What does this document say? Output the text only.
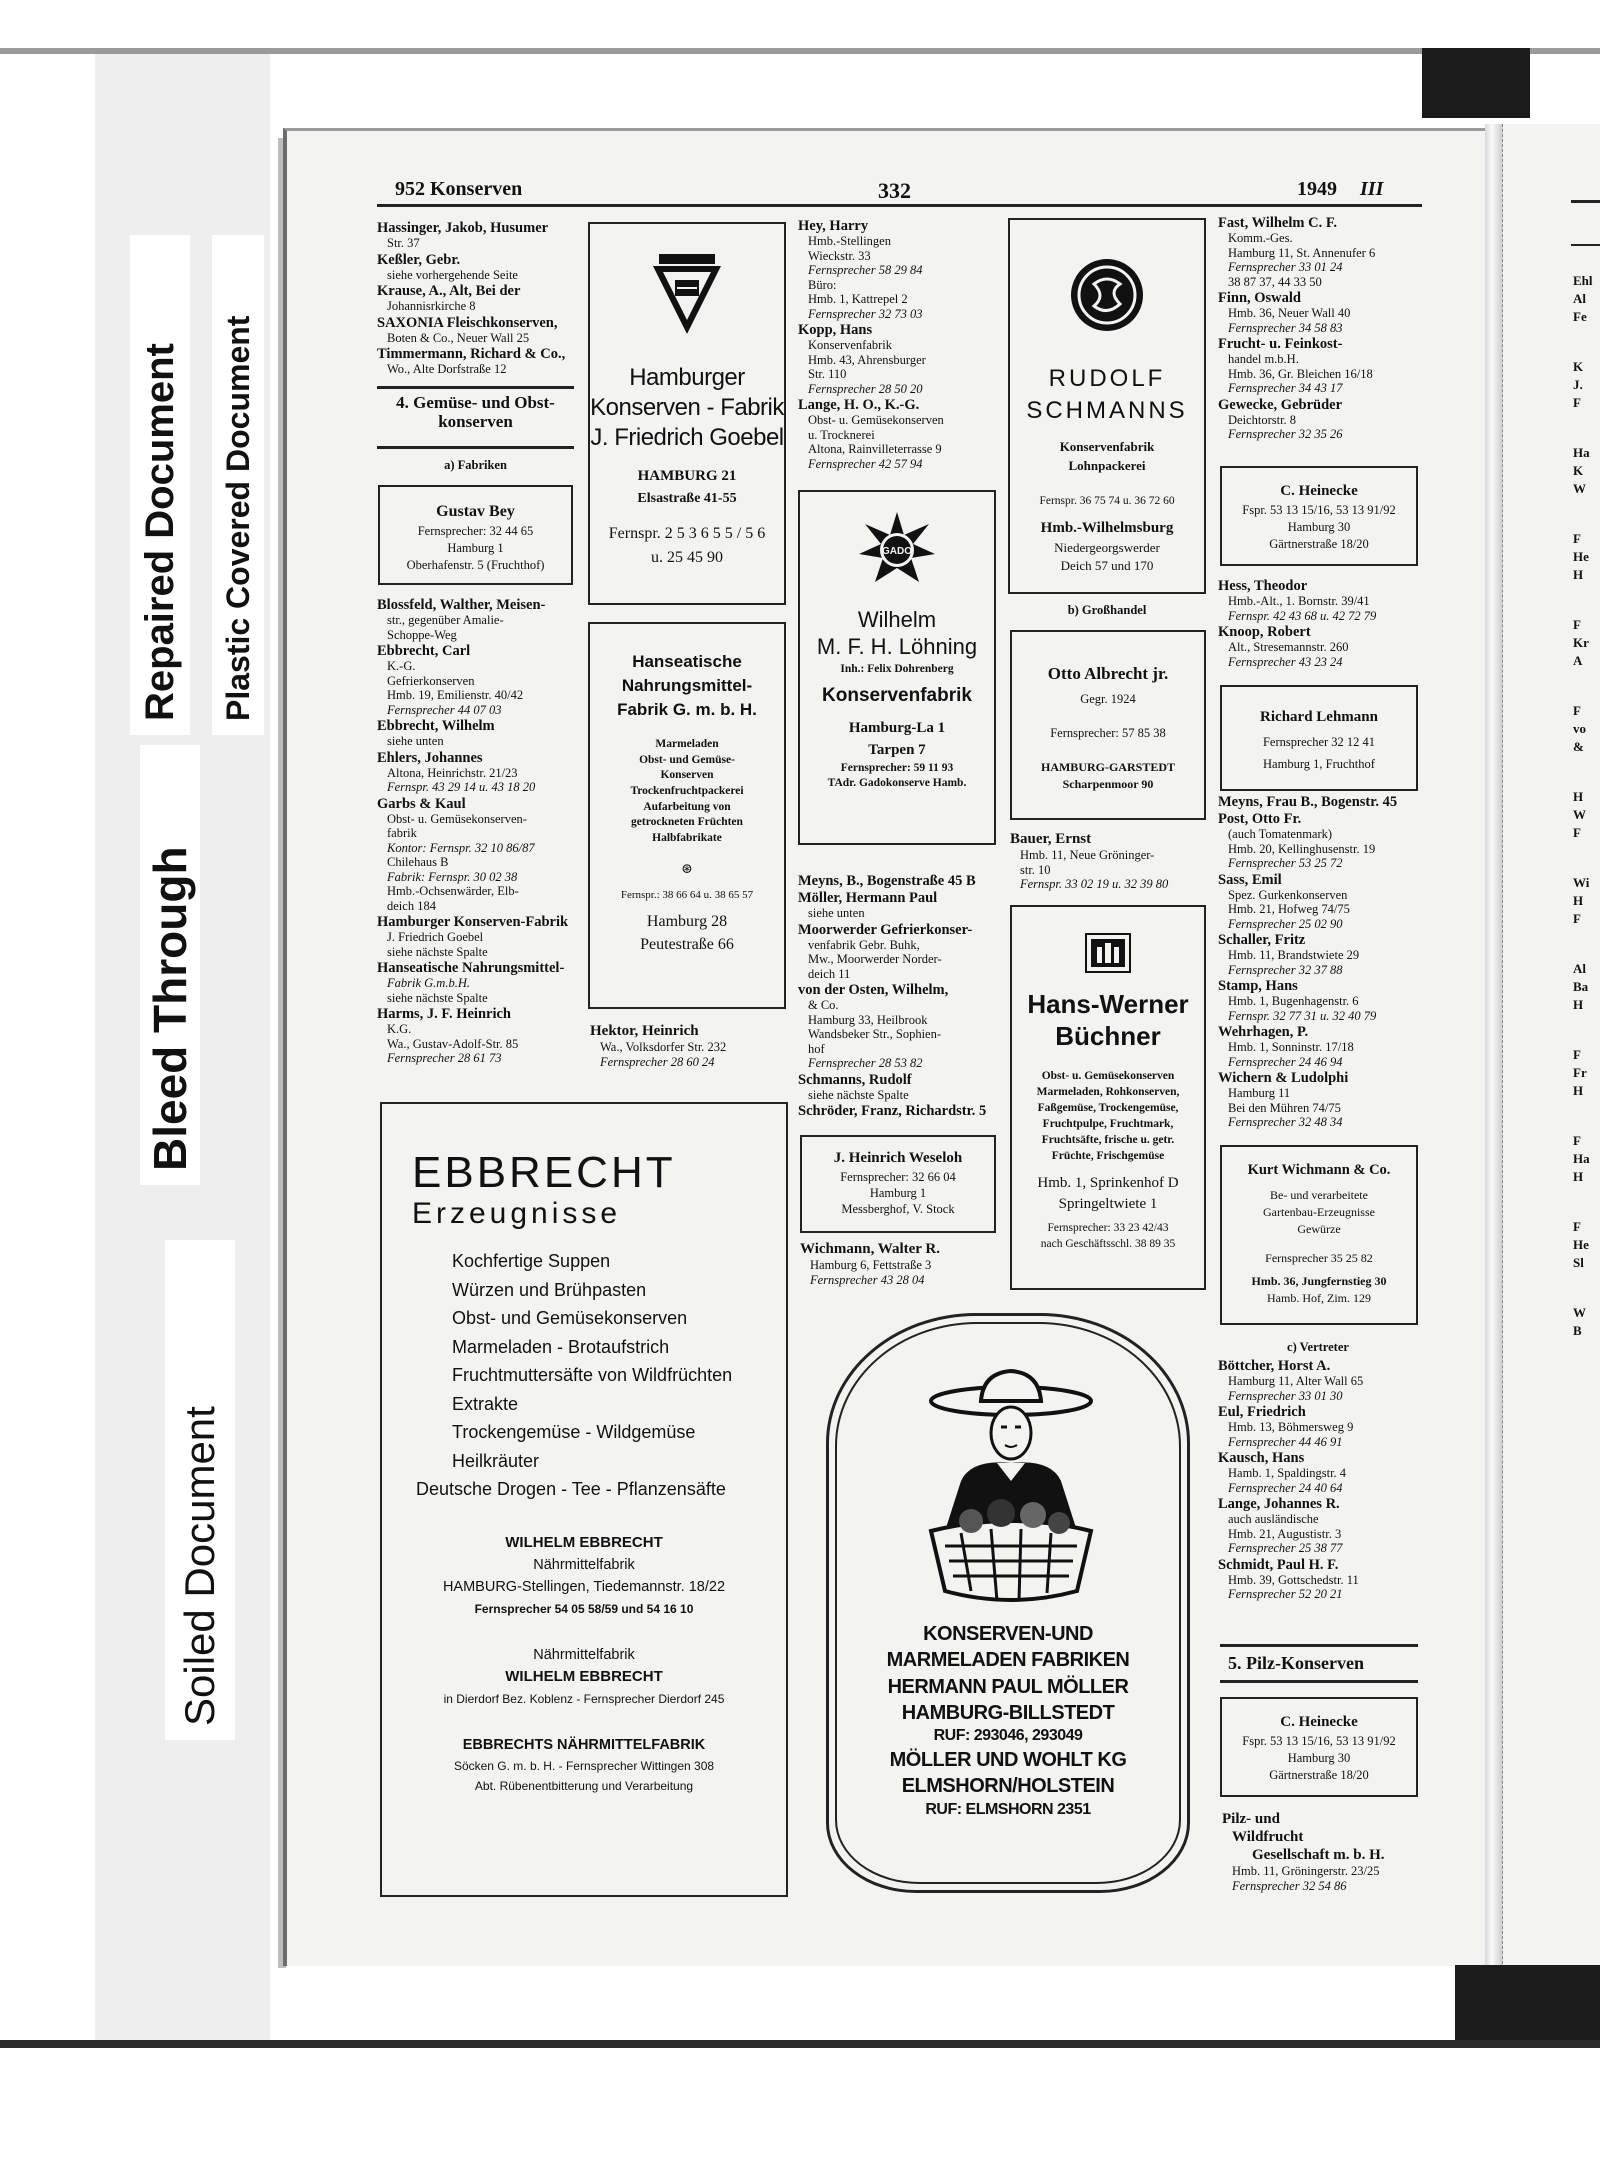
Bleed Through
Repaired Document Plastic Covered Document
Soiled Document

Ehl

Al

Fe

K

J.

F

Ha

K

W

F

He

H

F

Kr

A

F

vo

&

H

W

F

Wi

H

F

Al

Ba

H

F

Fr

H

F

Ha

H

F

He

Sl

W

B

952 Konserven	332	1949 III

Hassinger, Jakob, Husumer

Str. 37

Keßler, Gebr.

siehe vorhergehende Seite

Krause, A., Alt, Bei der

Johannisrkirche 8

SAXONIA Fleischkonserven,

Boten & Co., Neuer Wall 25

Timmermann, Richard & Co.,

Wo., Alte Dorfstraße 12

4. Gemüse- und Obst-konserven
a) Fabriken

Gustav Bey

Fernsprecher: 32 44 65

Hamburg 1

Oberhafenstr. 5 (Fruchthof)

Blossfeld, Walther, Meisen-

str., gegenüber Amalie-

Schoppe-Weg

Ebbrecht, Carl

K.-G.

Gefrierkonserven

Hmb. 19, Emilienstr. 40/42

Fernsprecher 44 07 03

Ebbrecht, Wilhelm

siehe unten

Ehlers, Johannes

Altona, Heinrichstr. 21/23

Fernspr. 43 29 14 u. 43 18 20

Garbs & Kaul

Obst- u. Gemüsekonserven-

fabrik

Kontor: Fernspr. 32 10 86/87

Chilehaus B

Fabrik: Fernspr. 30 02 38

Hmb.-Ochsenwärder, Elb-

deich 184

Hamburger Konserven-Fabrik

J. Friedrich Goebel

siehe nächste Spalte

Hanseatische Nahrungsmittel-

Fabrik G.m.b.H.

siehe nächste Spalte

Harms, J. F. Heinrich

K.G.

Wa., Gustav-Adolf-Str. 85

Fernsprecher 28 61 73

Hamburger

Konserven - Fabrik

J. Friedrich Goebel

HAMBURG 21

Elsastraße 41-55

Fernspr. 2 5 3 6 5 5 / 5 6

u. 25 45 90

Hanseatische

Nahrungsmittel-

Fabrik G. m. b. H.

Marmeladen

Obst- und Gemüse-

Konserven

Trockenfruchtpackerei

Aufarbeitung von

getrockneten Früchten

Halbfabrikate

⊛

Fernspr.: 38 66 64 u. 38 65 57

Hamburg 28

Peutestraße 66

Hektor, Heinrich

Wa., Volksdorfer Str. 232

Fernsprecher 28 60 24

Hey, Harry

Hmb.-Stellingen

Wieckstr. 33

Fernsprecher 58 29 84

Büro:

Hmb. 1, Kattrepel 2

Fernsprecher 32 73 03

Kopp, Hans

Konservenfabrik

Hmb. 43, Ahrensburger

Str. 110

Fernsprecher 28 50 20

Lange, H. O., K.-G.

Obst- u. Gemüsekonserven

u. Trocknerei

Altona, Rainvilleterrasse 9

Fernsprecher 42 57 94

GADO

Wilhelm

M. F. H. Löhning

Inh.: Felix Dohrenberg

Konservenfabrik

Hamburg-La 1

Tarpen 7

Fernsprecher: 59 11 93

TAdr. Gadokonserve Hamb.

Meyns, B., Bogenstraße 45 B

Möller, Hermann Paul

siehe unten

Moorwerder Gefrierkonser-

venfabrik Gebr. Buhk,

Mw., Moorwerder Norder-

deich 11

von der Osten, Wilhelm,

& Co.

Hamburg 33, Heilbrook

Wandsbeker Str., Sophien-

hof

Fernsprecher 28 53 82

Schmanns, Rudolf

siehe nächste Spalte

Schröder, Franz, Richardstr. 5

J. Heinrich Weseloh

Fernsprecher: 32 66 04

Hamburg 1

Messberghof, V. Stock

Wichmann, Walter R.

Hamburg 6, Fettstraße 3

Fernsprecher 43 28 04

RUDOLF

SCHMANNS

Konservenfabrik

Lohnpackerei

Fernspr. 36 75 74 u. 36 72 60

Hmb.-Wilhelmsburg

Niedergeorgswerder

Deich 57 und 170

b) Großhandel

Otto Albrecht jr.

Gegr. 1924

Fernsprecher: 57 85 38

HAMBURG-GARSTEDT

Scharpenmoor 90

Bauer, Ernst

Hmb. 11, Neue Gröninger-

str. 10

Fernspr. 33 02 19 u. 32 39 80

Hans-Werner

Büchner

Obst- u. Gemüsekonserven

Marmeladen, Rohkonserven,

Faßgemüse, Trockengemüse,

Fruchtpulpe, Fruchtmark,

Fruchtsäfte, frische u. getr.

Früchte, Frischgemüse

Hmb. 1, Sprinkenhof D

Springeltwiete 1

Fernsprecher: 33 23 42/43

nach Geschäftsschl. 38 89 35

Fast, Wilhelm C. F.

Komm.-Ges.

Hamburg 11, St. Annenufer 6

Fernsprecher 33 01 24

38 87 37, 44 33 50

Finn, Oswald

Hmb. 36, Neuer Wall 40

Fernsprecher 34 58 83

Frucht- u. Feinkost-

handel m.b.H.

Hmb. 36, Gr. Bleichen 16/18

Fernsprecher 34 43 17

Gewecke, Gebrüder

Deichtorstr. 8

Fernsprecher 32 35 26

C. Heinecke

Fspr. 53 13 15/16, 53 13 91/92

Hamburg 30

Gärtnerstraße 18/20

Hess, Theodor

Hmb.-Alt., 1. Bornstr. 39/41

Fernspr. 42 43 68 u. 42 72 79

Knoop, Robert

Alt., Stresemannstr. 260

Fernsprecher 43 23 24

Richard Lehmann

Fernsprecher 32 12 41

Hamburg 1, Fruchthof

Meyns, Frau B., Bogenstr. 45

Post, Otto Fr.

(auch Tomatenmark)

Hmb. 20, Kellinghusenstr. 19

Fernsprecher 53 25 72

Sass, Emil

Spez. Gurkenkonserven

Hmb. 21, Hofweg 74/75

Fernsprecher 25 02 90

Schaller, Fritz

Hmb. 11, Brandstwiete 29

Fernsprecher 32 37 88

Stamp, Hans

Hmb. 1, Bugenhagenstr. 6

Fernspr. 32 77 31 u. 32 40 79

Wehrhagen, P.

Hmb. 1, Sonninstr. 17/18

Fernsprecher 24 46 94

Wichern & Ludolphi

Hamburg 11

Bei den Mühren 74/75

Fernsprecher 32 48 34

Kurt Wichmann & Co.

Be- und verarbeitete

Gartenbau-Erzeugnisse

Gewürze

Fernsprecher 35 25 82

Hmb. 36, Jungfernstieg 30

Hamb. Hof, Zim. 129

c) Vertreter

Böttcher, Horst A.

Hamburg 11, Alter Wall 65

Fernsprecher 33 01 30

Eul, Friedrich

Hmb. 13, Böhmersweg 9

Fernsprecher 44 46 91

Kausch, Hans

Hamb. 1, Spaldingstr. 4

Fernsprecher 24 40 64

Lange, Johannes R.

auch ausländische

Hmb. 21, Augustistr. 3

Fernsprecher 25 38 77

Schmidt, Paul H. F.

Hmb. 39, Gottschedstr. 11

Fernsprecher 52 20 21

5. Pilz-Konserven

C. Heinecke

Fspr. 53 13 15/16, 53 13 91/92

Hamburg 30

Gärtnerstraße 18/20

Pilz- und

Wildfrucht

Gesellschaft m. b. H.

Hmb. 11, Gröningerstr. 23/25

Fernsprecher 32 54 86

EBBRECHT

Erzeugnisse

Kochfertige Suppen

Würzen und Brühpasten

Obst- und Gemüsekonserven

Marmeladen - Brotaufstrich

Fruchtmuttersäfte von Wildfrüchten

Extrakte

Trockengemüse - Wildgemüse

Heilkräuter

Deutsche Drogen - Tee - Pflanzensäfte

WILHELM EBBRECHT

Nährmittelfabrik

HAMBURG-Stellingen, Tiedemannstr. 18/22

Fernsprecher 54 05 58/59 und 54 16 10

Nährmittelfabrik

WILHELM EBBRECHT

in Dierdorf Bez. Koblenz - Fernsprecher Dierdorf 245

EBBRECHTS NÄHRMITTELFABRIK

Söcken G. m. b. H. - Fernsprecher Wittingen 308

Abt. Rübenentbitterung und Verarbeitung

KONSERVEN-UND

MARMELADEN FABRIKEN

HERMANN PAUL MÖLLER

HAMBURG-BILLSTEDT

RUF: 293046, 293049

MÖLLER UND WOHLT KG

ELMSHORN/HOLSTEIN

RUF: ELMSHORN 2351
